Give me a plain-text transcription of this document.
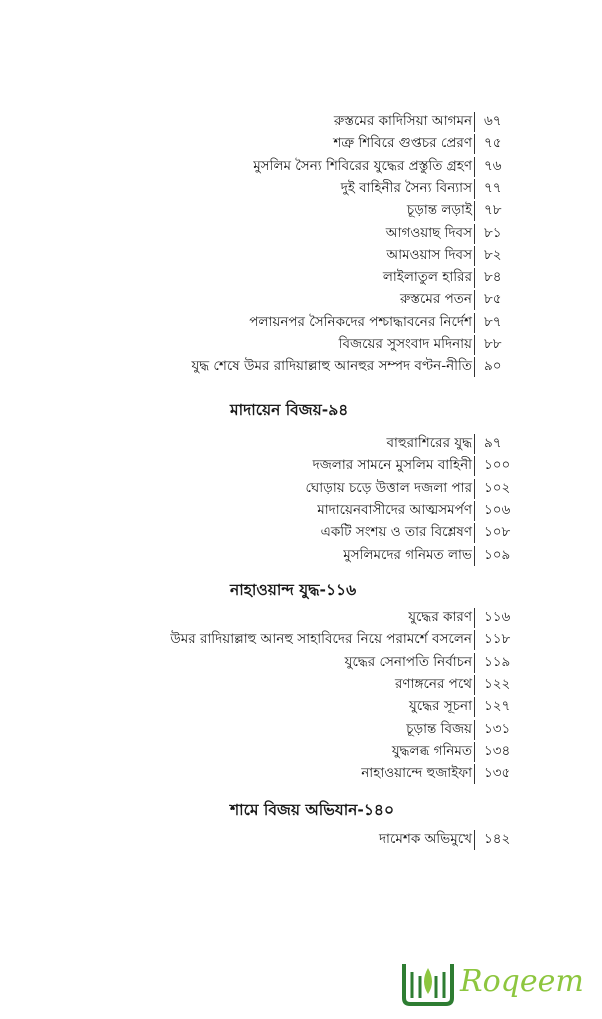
রুস্তমের কাদিসিয়া আগমন ৬৭
শত্রু শিবিরে গুপ্তচর প্রেরণ ৭৫
মুসলিম সৈন্য শিবিরের যুদ্ধের প্রস্তুতি গ্রহণ ৭৬
দুই বাহিনীর সৈন্য বিন্যাস ৭৭
চূড়ান্ত লড়াই ৭৮
আগওয়াছ দিবস ৮১
আমওয়াস দিবস ৮২
লাইলাতুল হারির ৮৪
রুস্তমের পতন ৮৫
পলায়নপর সৈনিকদের পশ্চাদ্ধাবনের নির্দেশ ৮৭
বিজয়ের সুসংবাদ মদিনায় ৮৮
যুদ্ধ শেষে উমর রাদিয়াল্লাহু আনহুর সম্পদ বণ্টন-নীতি ৯০
মাদায়েন বিজয়-৯৪
বাহুরাশিরের যুদ্ধ ৯৭
দজলার সামনে মুসলিম বাহিনী ১০০
ঘোড়ায় চড়ে উত্তাল দজলা পার ১০২
মাদায়েনবাসীদের আত্মসমর্পণ ১০৬
একটি সংশয় ও তার বিশ্লেষণ ১০৮
মুসলিমদের গনিমত লাভ ১০৯
নাহাওয়ান্দ যুদ্ধ-১১৬
যুদ্ধের কারণ ১১৬
উমর রাদিয়াল্লাহু আনহু সাহাবিদের নিয়ে পরামর্শে বসলেন ১১৮
যুদ্ধের সেনাপতি নির্বাচন ১১৯
রণাঙ্গনের পথে ১২২
যুদ্ধের সূচনা ১২৭
চূড়ান্ত বিজয় ১৩১
যুদ্ধলব্ধ গনিমত ১৩৪
নাহাওয়ান্দে হুজাইফা ১৩৫
শামে বিজয় অভিযান-১৪০
দামেশক অভিমুখে ১৪২
Roqeem
